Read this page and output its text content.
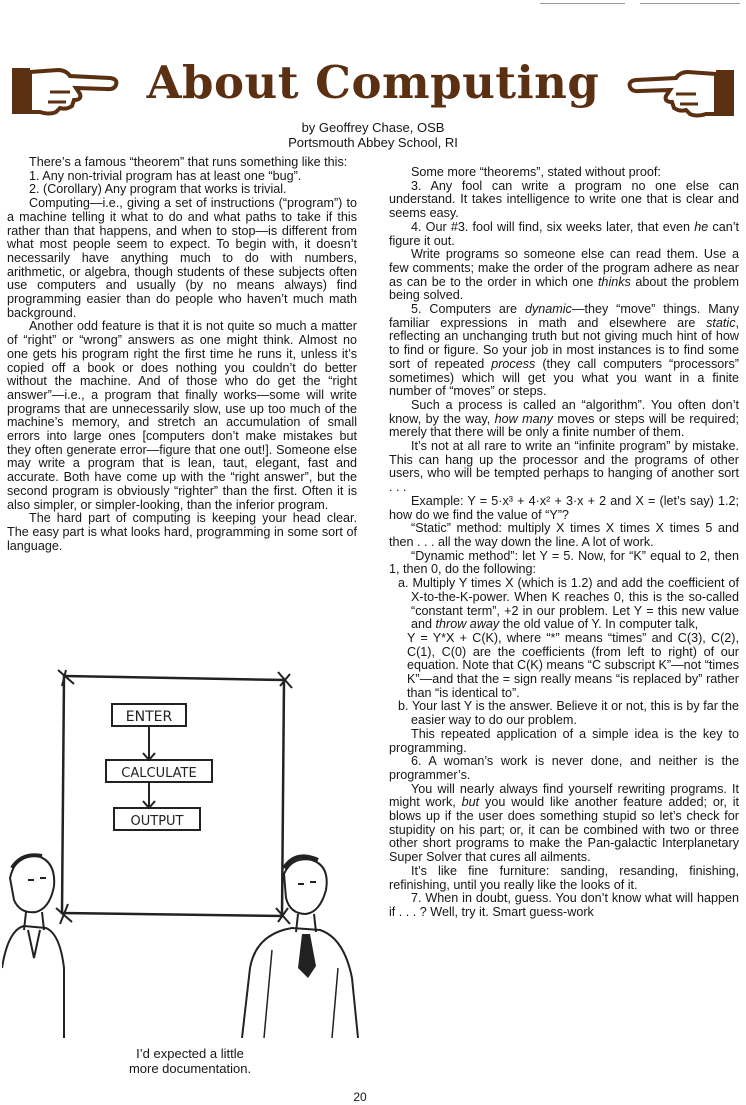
About Computing
by Geoffrey Chase, OSB
Portsmouth Abbey School, RI

There’s a famous “theorem” that runs something like this:

1. Any non-trivial program has at least one “bug”.

2. (Corollary) Any program that works is trivial.

Computing—i.e., giving a set of instructions (“program”) to a machine telling it what to do and what paths to take if this rather than that happens, and when to stop—is different from what most people seem to expect. To begin with, it doesn’t necessarily have anything much to do with numbers, arithmetic, or algebra, though students of these subjects often use computers and usually (by no means always) find programming easier than do people who haven’t much math background.

Another odd feature is that it is not quite so much a matter of “right” or “wrong” answers as one might think. Almost no one gets his program right the first time he runs it, unless it’s copied off a book or does nothing you couldn’t do better without the machine. And of those who do get the “right answer”—i.e., a program that finally works—some will write programs that are unnecessarily slow, use up too much of the machine’s memory, and stretch an accumulation of small errors into large ones [computers don’t make mistakes but they often generate error—figure that one out!]. Someone else may write a program that is lean, taut, elegant, fast and accurate. Both have come up with the “right answer”, but the second program is obviously “righter” than the first. Often it is also simpler, or simpler-looking, than the inferior program.

The hard part of computing is keeping your head clear. The easy part is what looks hard, programming in some sort of language.

ENTER
CALCULATE
OUTPUT
I’d expected a little
more documentation.

Some more “theorems”, stated without proof:

3. Any fool can write a program no one else can understand. It takes intelligence to write one that is clear and seems easy.

4. Our #3. fool will find, six weeks later, that even he can’t figure it out.

Write programs so someone else can read them. Use a few comments; make the order of the program adhere as near as can be to the order in which one thinks about the problem being solved.

5. Computers are dynamic—they “move” things. Many familiar expressions in math and elsewhere are static, reflecting an unchanging truth but not giving much hint of how to find or figure. So your job in most instances is to find some sort of repeated process (they call computers “processors” sometimes) which will get you what you want in a finite number of “moves” or steps.

Such a process is called an “algorithm”. You often don’t know, by the way, how many moves or steps will be required; merely that there will be only a finite number of them.

It’s not at all rare to write an “infinite program” by mistake. This can hang up the processor and the programs of other users, who will be tempted perhaps to hanging of another sort . . .

Example: Y = 5·x³ + 4·x² + 3·x + 2 and X = (let’s say) 1.2; how do we find the value of “Y”?

“Static” method: multiply X times X times X times 5 and then . . . all the way down the line. A lot of work.

“Dynamic method”: let Y = 5. Now, for “K” equal to 2, then 1, then 0, do the following:

a. Multiply Y times X (which is 1.2) and add the coefficient of X-to-the-K-power. When K reaches 0, this is the so-called “constant term”, +2 in our problem. Let Y = this new value and throw away the old value of Y. In computer talk,

Y = Y*X + C(K), where “*” means “times” and C(3), C(2), C(1), C(0) are the coefficients (from left to right) of our equation. Note that C(K) means “C subscript K”—not “times K”—and that the = sign really means “is replaced by” rather than “is identical to”.

b. Your last Y is the answer. Believe it or not, this is by far the easier way to do our problem.

This repeated application of a simple idea is the key to programming.

6. A woman’s work is never done, and neither is the programmer’s.

You will nearly always find yourself rewriting programs. It might work, but you would like another feature added; or, it blows up if the user does something stupid so let’s check for stupidity on his part; or, it can be combined with two or three other short programs to make the Pan-galactic Interplanetary Super Solver that cures all ailments.

It’s like fine furniture: sanding, resanding, finishing, refinishing, until you really like the looks of it.

7. When in doubt, guess. You don’t know what will happen if . . . ? Well, try it. Smart guess-work

20
